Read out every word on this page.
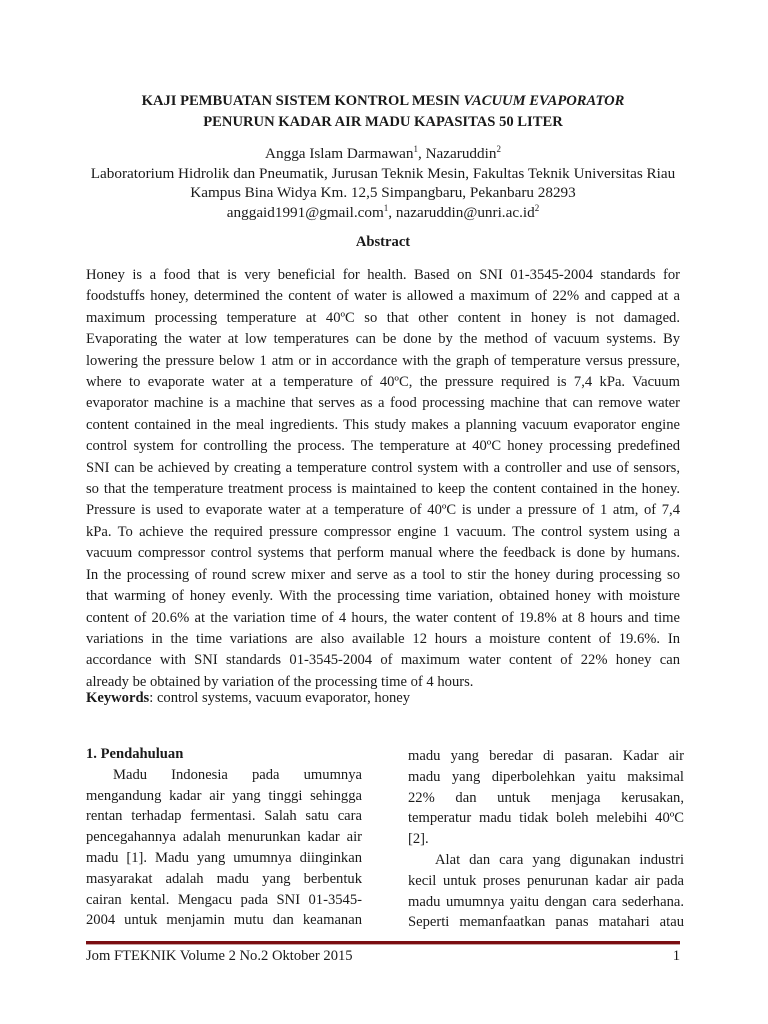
KAJI PEMBUATAN SISTEM KONTROL MESIN VACUUM EVAPORATOR
PENURUN KADAR AIR MADU KAPASITAS 50 LITER
Angga Islam Darmawan$^1$, Nazaruddin$^2$
Laboratorium Hidrolik dan Pneumatik, Jurusan Teknik Mesin, Fakultas Teknik Universitas Riau
Kampus Bina Widya Km. 12,5 Simpangbaru, Pekanbaru 28293
anggaid1991@gmail.com$^1$, $nazaruddin@unri.ac.id^2$
Abstract
Honey is a food that is very beneficial for health. Based on SNI 01-3545-2004 standards for
foodstuffs honey, determined the content of water is allowed a maximum of 22% and capped at a
maximum processing temperature at 40ºC so that other content in honey is not damaged.
Evaporating the water at low temperatures can be done by the method of vacuum systems. By
lowering the pressure below 1 atm or in accordance with the graph of temperature versus pressure,
where to evaporate water at a temperature of 40ºC, the pressure required is 7,4 kPa. Vacuum
evaporator machine is a machine that serves as a food processing machine that can remove water
content contained in the meal ingredients. This study makes a planning vacuum evaporator engine
control system for controlling the process. The temperature at 40ºC honey processing predefined
SNI can be achieved by creating a temperature control system with a controller and use of sensors,
so that the temperature treatment process is maintained to keep the content contained in the honey.
Pressure is used to evaporate water at a temperature of 40ºC is under a pressure of 1 atm, of 7,4
kPa. To achieve the required pressure compressor engine 1 vacuum. The control system using a
vacuum compressor control systems that perform manual where the feedback is done by humans.
In the processing of round screw mixer and serve as a tool to stir the honey during processing so
that warming of honey evenly. With the processing time variation, obtained honey with moisture
content of 20.6% at the variation time of 4 hours, the water content of 19.8% at 8 hours and time
variations in the time variations are also available 12 hours a moisture content of 19.6%. In
accordance with SNI standards 01-3545-2004 of maximum water content of 22% honey can
already be obtained by variation of the processing time of 4 hours.
Keywords: control systems, vacuum evaporator, honey
1. Pendahuluan
Madu Indonesia pada umumnya
mengandung kadar air yang tinggi sehingga
rentan terhadap fermentasi. Salah satu cara
pencegahannya adalah menurunkan kadar air
madu [1]. Madu yang umumnya diinginkan
masyarakat adalah madu yang berbentuk
cairan kental. Mengacu pada SNI 01-3545-
2004 untuk menjamin mutu dan keamanan
madu yang beredar di pasaran. Kadar air
madu yang diperbolehkan yaitu maksimal
22% dan untuk menjaga kerusakan,
temperatur madu tidak boleh melebihi 40ºC
[2].
Alat dan cara yang digunakan industri
kecil untuk proses penurunan kadar air pada
madu umumnya yaitu dengan cara sederhana.
Seperti memanfaatkan panas matahari atau
Jom FTEKNIK Volume 2 No.2 Oktober 2015	1
